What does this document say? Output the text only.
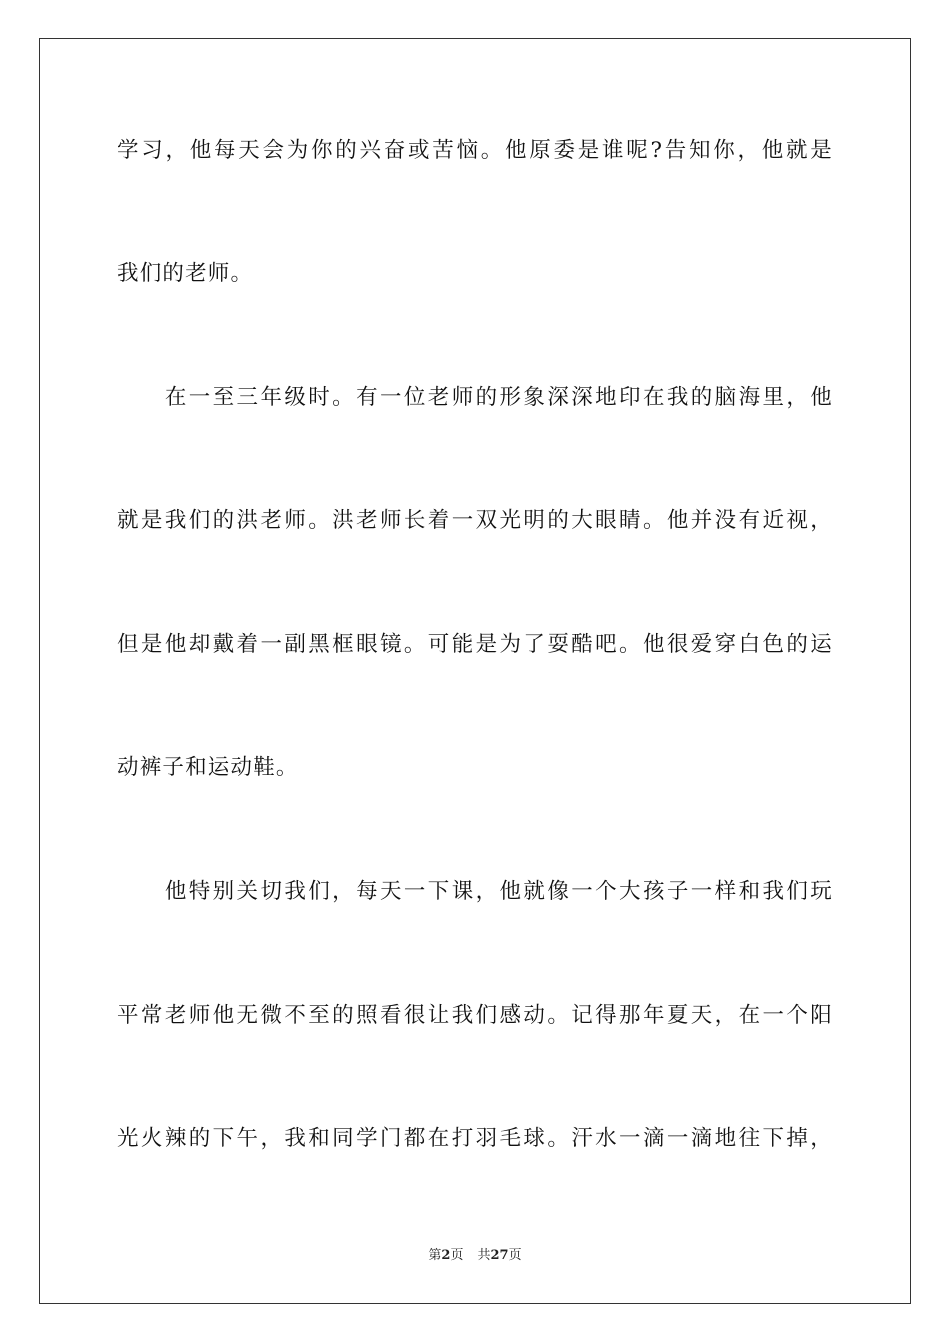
学习，他每天会为你的兴奋或苦恼。他原委是谁呢?告知你，他就是
我们的老师。
　　在一至三年级时。有一位老师的形象深深地印在我的脑海里，他
就是我们的洪老师。洪老师长着一双光明的大眼睛。他并没有近视，
但是他却戴着一副黑框眼镜。可能是为了耍酷吧。他很爱穿白色的运
动裤子和运动鞋。
　　他特别关切我们，每天一下课，他就像一个大孩子一样和我们玩
平常老师他无微不至的照看很让我们感动。记得那年夏天，在一个阳
光火辣的下午，我和同学门都在打羽毛球。汗水一滴一滴地往下掉，
第2页 共27页
